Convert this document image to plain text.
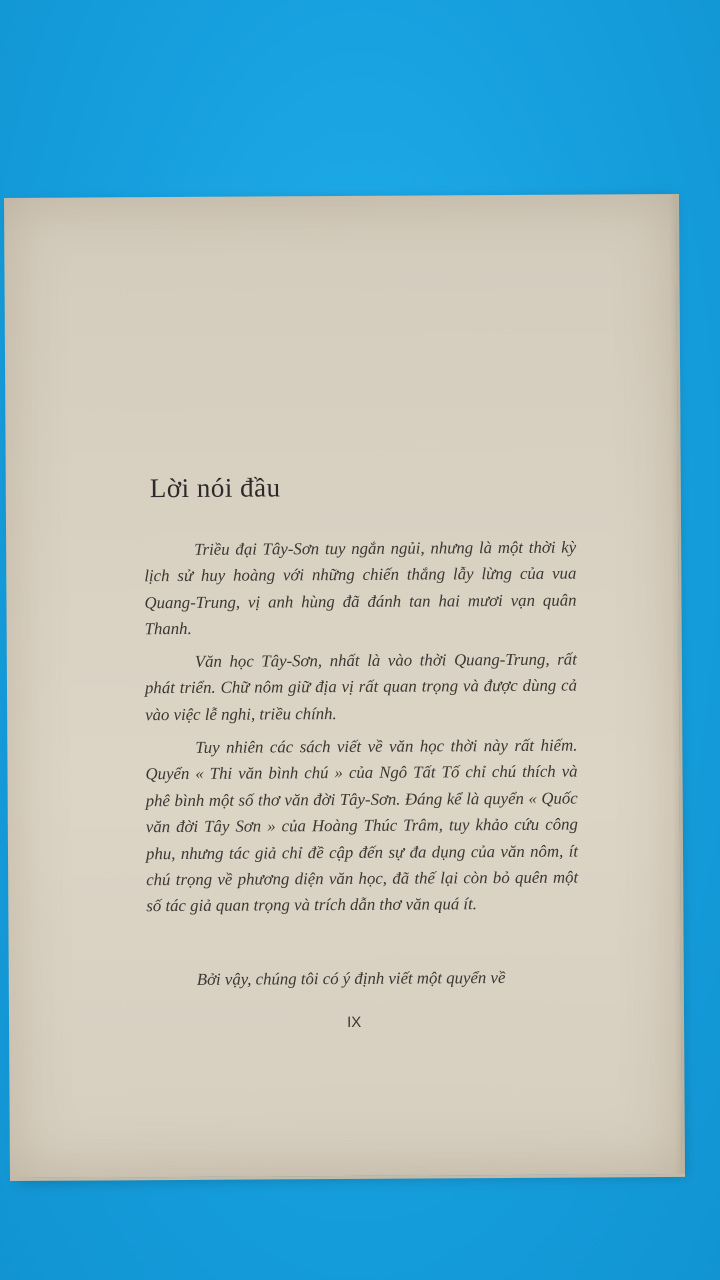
Lời nói đầu

Triều đại Tây-Sơn tuy ngắn ngủi, nhưng là một thời kỳ lịch sử huy hoàng với những chiến thắng lẫy lừng của vua Quang-Trung, vị anh hùng đã đánh tan hai mươi vạn quân Thanh.

Văn học Tây-Sơn, nhất là vào thời Quang-Trung, rất phát triển. Chữ nôm giữ địa vị rất quan trọng và được dùng cả vào việc lễ nghi, triều chính.

Tuy nhiên các sách viết về văn học thời này rất hiếm. Quyển « Thi văn bình chú » của Ngô Tất Tố chỉ chú thích và phê bình một số thơ văn đời Tây-Sơn. Đáng kể là quyển « Quốc văn đời Tây Sơn » của Hoàng Thúc Trâm, tuy khảo cứu công phu, nhưng tác giả chỉ đề cập đến sự đa dụng của văn nôm, ít chú trọng về phương diện văn học, đã thế lại còn bỏ quên một số tác giả quan trọng và trích dẫn thơ văn quá ít.

Bởi vậy, chúng tôi có ý định viết một quyển về

IX
